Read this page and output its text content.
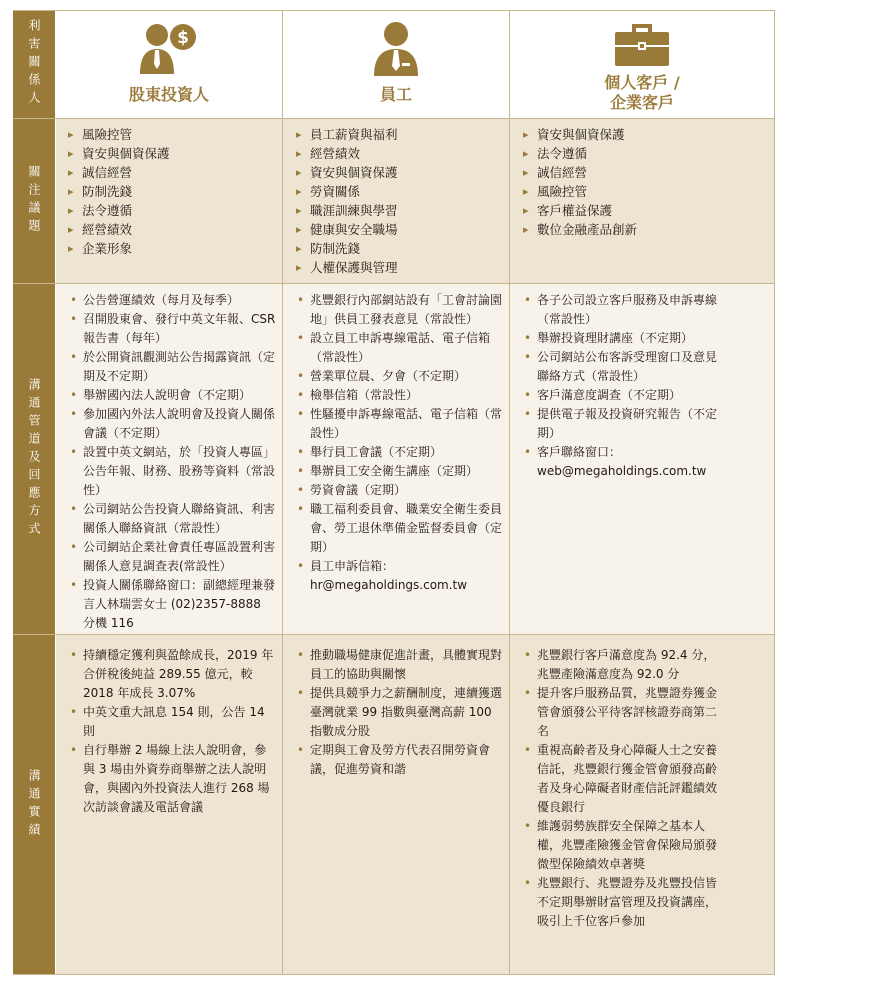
利害關係人
關注議題
溝通管道及回應方式
溝通實績
$
股東投資人	員工
個人客戶 /
企業客戶
▸ 風險控管
▸ 資安與個資保護
▸ 誠信經營
▸ 防制洗錢
▸ 法令遵循
▸ 經營績效
▸ 企業形象
▸ 員工薪資與福利
▸ 經營績效
▸ 資安與個資保護
▸ 勞資關係
▸ 職涯訓練與學習
▸ 健康與安全職場
▸ 防制洗錢
▸ 人權保護與管理
▸ 資安與個資保護
▸ 法令遵循
▸ 誠信經營
▸ 風險控管
▸ 客戶權益保護
▸ 數位金融產品創新
• 公告營運績效（每月及每季）
• 召開股東會、發行中英文年報、CSR 報告書（每年）
• 於公開資訊觀測站公告揭露資訊（定期及不定期）
• 舉辦國內法人說明會（不定期）
• 參加國內外法人說明會及投資人關係會議（不定期）
• 設置中英文網站，於「投資人專區」公告年報、財務、股務等資料（常設性）
• 公司網站公告投資人聯絡資訊、利害關係人聯絡資訊（常設性）
• 公司網站企業社會責任專區設置利害關係人意見調查表(常設性）
• 投資人關係聯絡窗口：副總經理兼發言人林瑞雲女士 (02)2357-8888 分機 116
• 兆豐銀行內部網站設有「工會討論園地」供員工發表意見（常設性）
• 設立員工申訴專線電話、電子信箱（常設性）
• 營業單位晨、夕會（不定期）
• 檢舉信箱（常設性）
• 性騷擾申訴專線電話、電子信箱（常設性）
• 舉行員工會議（不定期）
• 舉辦員工安全衛生講座（定期）
• 勞資會議（定期）
• 職工福利委員會、職業安全衛生委員會、勞工退休準備金監督委員會（定期）
• 員工申訴信箱：hr@megaholdings.com.tw
• 各子公司設立客戶服務及申訴專線（常設性）
• 舉辦投資理財講座（不定期）
• 公司網站公布客訴受理窗口及意見聯絡方式（常設性）
• 客戶滿意度調查（不定期）
• 提供電子報及投資研究報告（不定期）
• 客戶聯絡窗口：web@megaholdings.com.tw
• 持續穩定獲利與盈餘成長，2019 年合併稅後純益 289.55 億元，較 2018 年成長 3.07%
• 中英文重大訊息 154 則，公告 14 則
• 自行舉辦 2 場線上法人說明會，參與 3 場由外資券商舉辦之法人說明會，與國內外投資法人進行 268 場次訪談會議及電話會議
• 推動職場健康促進計畫，具體實現對員工的協助與關懷
• 提供具競爭力之薪酬制度，連續獲選臺灣就業 99 指數與臺灣高薪 100 指數成分股
• 定期與工會及勞方代表召開勞資會議，促進勞資和諧
• 兆豐銀行客戶滿意度為 92.4 分，兆豐產險滿意度為 92.0 分
• 提升客戶服務品質，兆豐證券獲金管會頒發公平待客評核證券商第二名
• 重視高齡者及身心障礙人士之安養信託，兆豐銀行獲金管會頒發高齡者及身心障礙者財產信託評鑑績效優良銀行
• 維護弱勢族群安全保障之基本人權，兆豐產險獲金管會保險局頒發微型保險績效卓著獎
• 兆豐銀行、兆豐證券及兆豐投信皆不定期舉辦財富管理及投資講座，吸引上千位客戶參加
